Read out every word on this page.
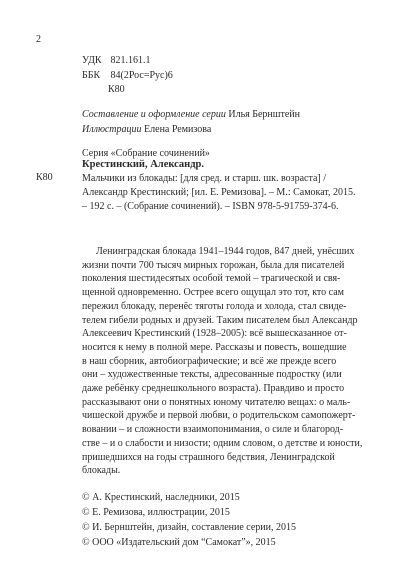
2
УДК 821.161.1
ББК 84(2Рос=Рус)6
К80
Составление и оформление серии Илья Бернштейн
Иллюстрации Елена Ремизова
Серия «Собрание сочинений»
Крестинский, Александр.
К80	Мальчики из блокады: [для сред. и старш. шк. возраста] /
Александр Крестинский; [ил. Е. Ремизова]. – М.: Самокат, 2015.
– 192 с. – (Собрание сочинений). – ISBN 978-5-91759-374-6.
Ленинградская блокада 1941–1944 годов, 847 дней, унёсших
жизни почти 700 тысяч мирных горожан, была для писателей
поколения шестидесятых особой темой – трагической и свя-
щенной одновременно. Острее всего ощущал это тот, кто сам
пережил блокаду, перенёс тяготы голода и холода, стал свиде-
телем гибели родных и друзей. Таким писателем был Александр
Алексеевич Крестинский (1928–2005): всё вышесказанное от-
носится к нему в полной мере. Рассказы и повесть, вошедшие
в наш сборник, автобиографические; и всё же прежде всего
они – художественные тексты, адресованные подростку (или
даже ребёнку среднешкольного возраста). Правдиво и просто
рассказывают они о понятных юному читателю вещах: о маль-
чишеской дружбе и первой любви, о родительском самопожерт-
вовании – и сложности взаимопонимания, о силе и благород-
стве – и о слабости и низости; одним словом, о детстве и юности,
пришедшихся на годы страшного бедствия, Ленинградской
блокады.
© А. Крестинский, наследники, 2015
© Е. Ремизова, иллюстрации, 2015
© И. Бернштейн, дизайн, составление серии, 2015
© ООО «Издательский дом “Самокат”», 2015
